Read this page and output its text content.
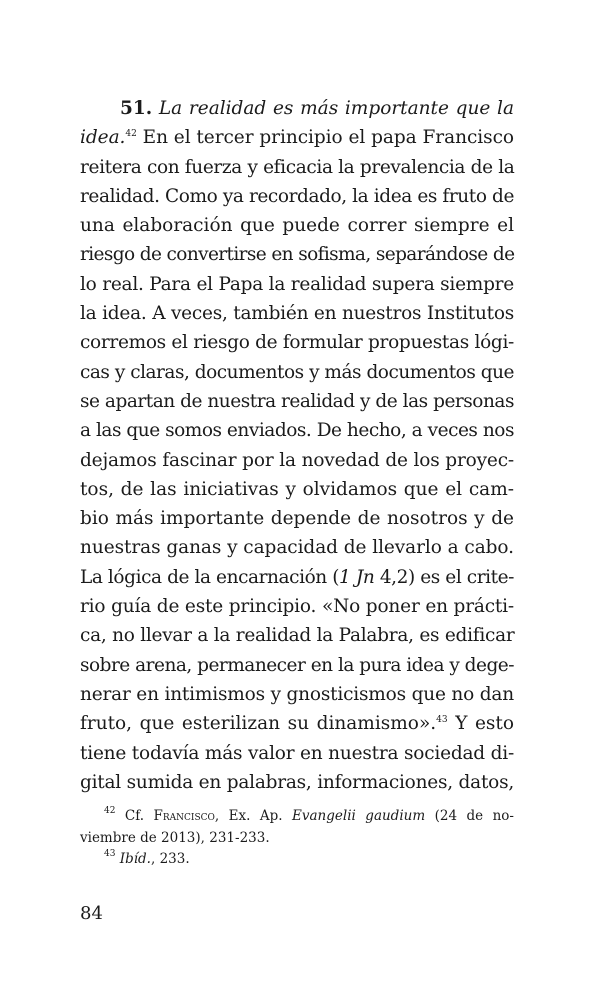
51. La realidad es más importante que la
idea.$^{42}$ En el tercer principio el papa Francisco
reitera con fuerza y eficacia la prevalencia de la
realidad. Como ya recordado, la idea es fruto de
una elaboración que puede correr siempre el
riesgo de convertirse en sofisma, separándose de
lo real. Para el Papa la realidad supera siempre
la idea. A veces, también en nuestros Institutos
corremos el riesgo de formular propuestas lógi-
cas y claras, documentos y más documentos que
se apartan de nuestra realidad y de las personas
a las que somos enviados. De hecho, a veces nos
dejamos fascinar por la novedad de los proyec-
tos, de las iniciativas y olvidamos que el cam-
bio más importante depende de nosotros y de
nuestras ganas y capacidad de llevarlo a cabo.
La lógica de la encarnación (1 Jn 4,2) es el crite-
rio guía de este principio. «No poner en prácti-
ca, no llevar a la realidad la Palabra, es edificar
sobre arena, permanecer en la pura idea y dege-
nerar en intimismos y gnosticismos que no dan
fruto, que esterilizan su dinamismo».$^{43}$ Y esto
tiene todavía más valor en nuestra sociedad di-
gital sumida en palabras, informaciones, datos,
$^{42}$ Cf. Francisco, Ex. Ap. Evangelii gaudium (24 de no-
viembre de 2013), 231-233.
$^{43}$ Ibíd., 233.
84
